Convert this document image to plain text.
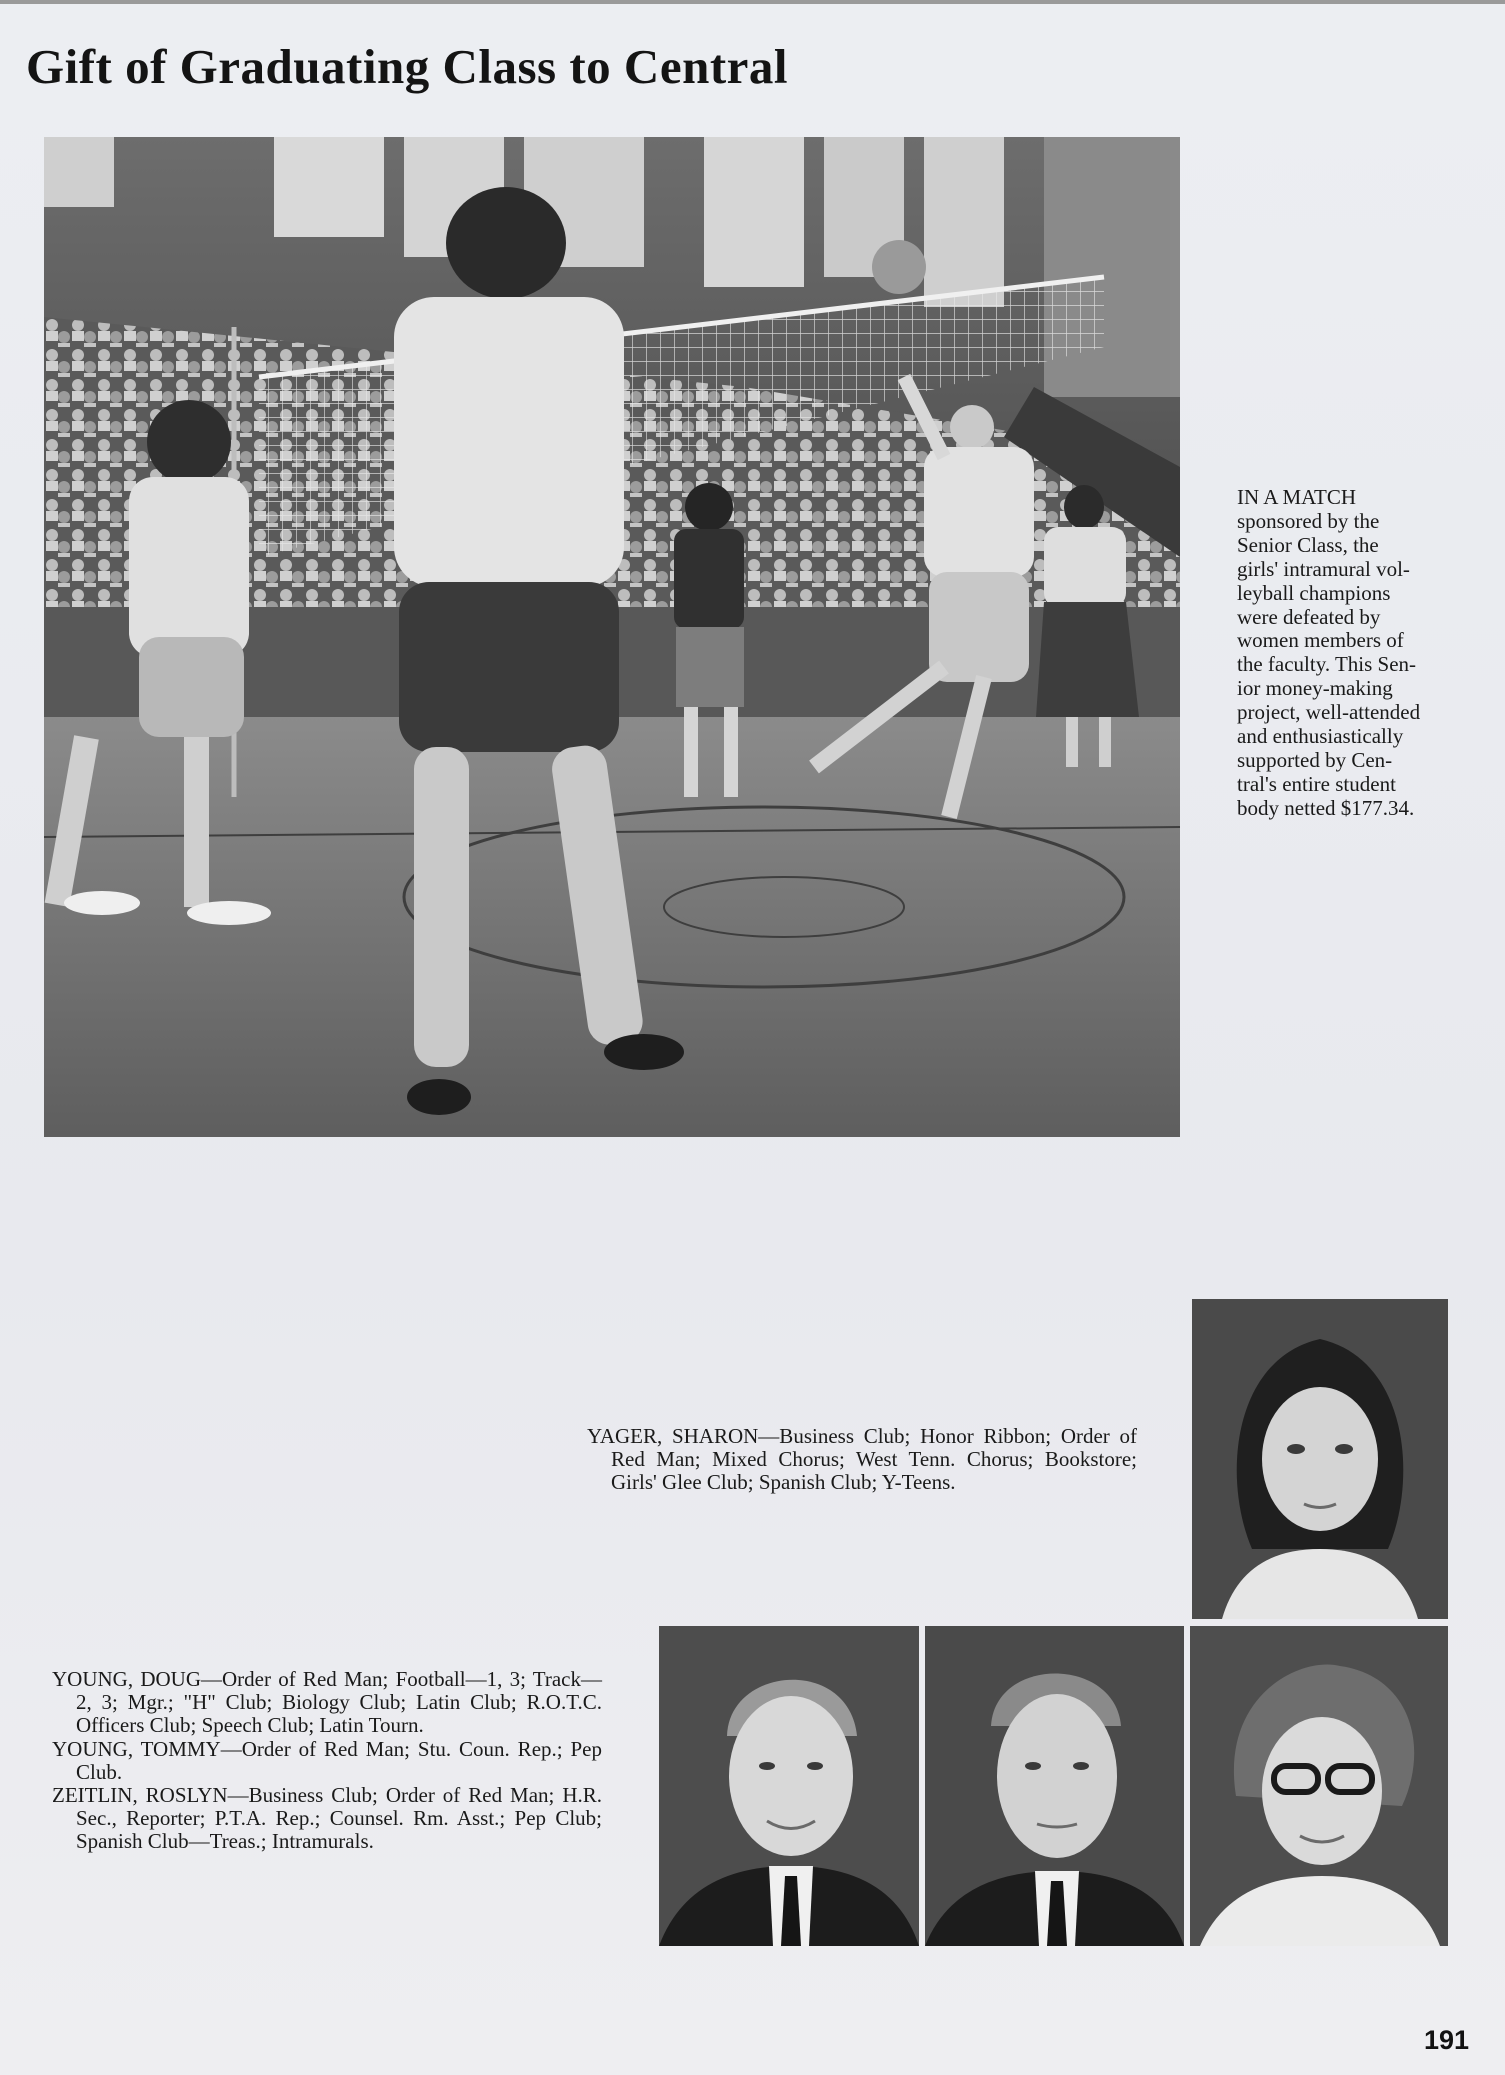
Gift of Graduating Class to Central
IN A MATCH
sponsored by the
Senior Class, the
girls' intramural vol-
leyball champions
were defeated by
women members of
the faculty. This Sen-
ior money-making
project, well-attended
and enthusiastically
supported by Cen-
tral's entire student
body netted $177.34.

YAGER, SHARON—Business Club; Honor Ribbon; Order of Red Man; Mixed Chorus; West Tenn. Chorus; Bookstore; Girls' Glee Club; Spanish Club; Y-Teens.

YOUNG, DOUG—Order of Red Man; Football—1, 3; Track—2, 3; Mgr.; "H" Club; Biology Club; Latin Club; R.O.T.C. Officers Club; Speech Club; Latin Tourn.

YOUNG, TOMMY—Order of Red Man; Stu. Coun. Rep.; Pep Club.

ZEITLIN, ROSLYN—Business Club; Order of Red Man; H.R. Sec., Reporter; P.T.A. Rep.; Counsel. Rm. Asst.; Pep Club; Spanish Club—Treas.; Intramurals.

191
